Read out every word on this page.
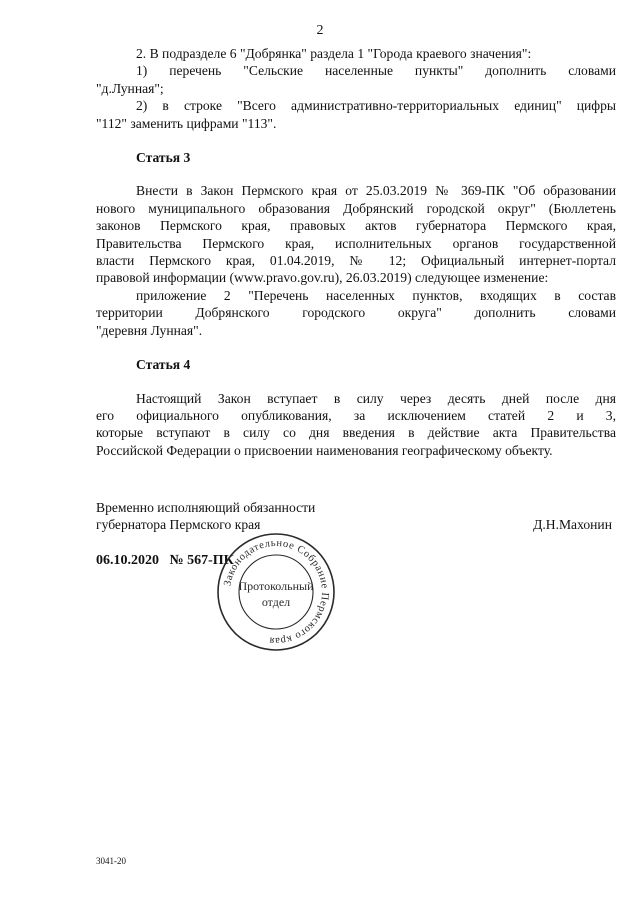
2

2. В подразделе 6 "Добрянка" раздела 1 "Города краевого значения":

1) перечень "Сельские населенные пункты" дополнить словами

"д.Лунная";

2) в строке "Всего административно-территориальных единиц" цифры

"112" заменить цифрами "113".

Статья 3

Внести в Закон Пермского края от 25.03.2019 № 369-ПК "Об образовании

нового муниципального образования Добрянский городской округ" (Бюллетень

законов Пермского края, правовых актов губернатора Пермского края,

Правительства Пермского края, исполнительных органов государственной

власти Пермского края, 01.04.2019, № 12; Официальный интернет-портал

правовой информации (www.pravo.gov.ru), 26.03.2019) следующее изменение:

приложение 2 "Перечень населенных пунктов, входящих в состав

территории Добрянского городского округа" дополнить словами

"деревня Лунная".

Статья 4

Настоящий Закон вступает в силу через десять дней после дня

его официального опубликования, за исключением статей 2 и 3,

которые вступают в силу со дня введения в действие акта Правительства

Российской Федерации о присвоении наименования географическому объекту.

Временно исполняющий обязанности
губернатора Пермского края	Д.Н.Махонин
06.10.2020 № 567-ПК
Законодательное Собрание Пермского края
Протокольный
отдел
3041-20
